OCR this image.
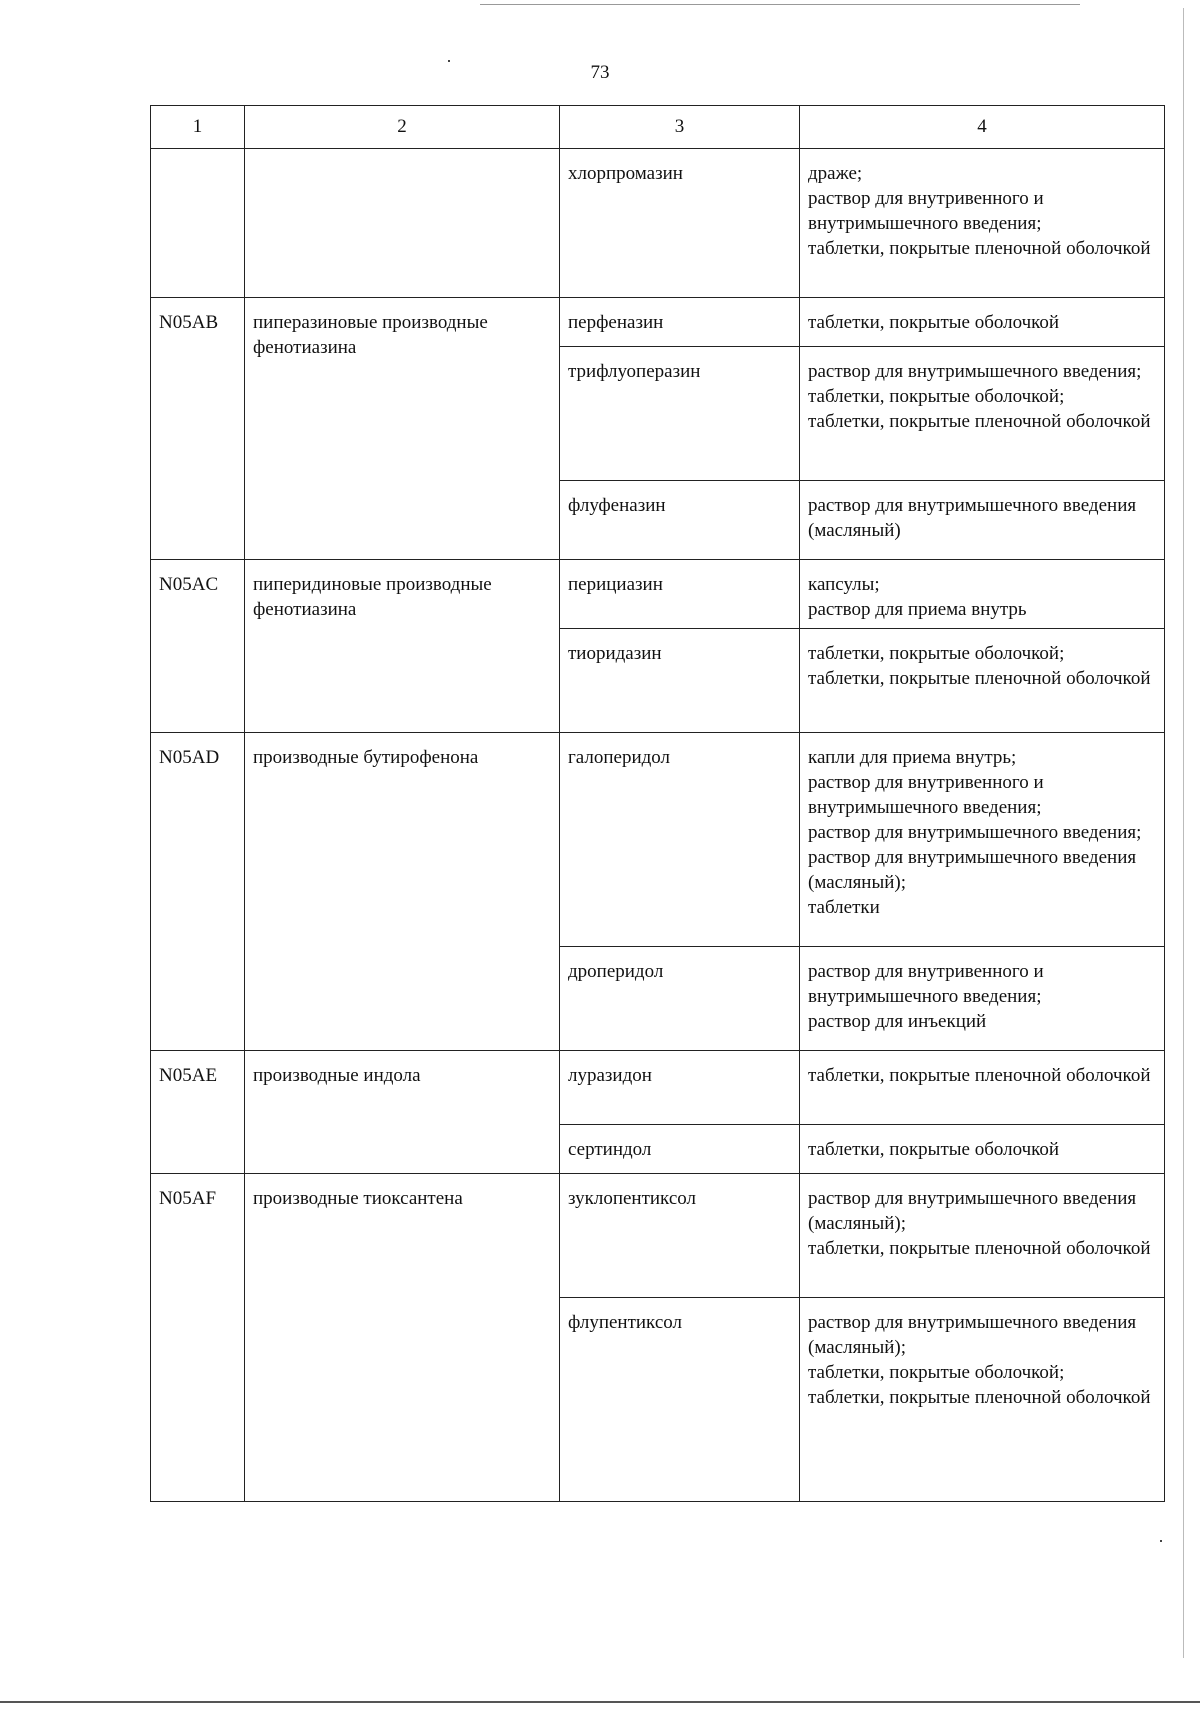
73
1	2	3	4
		хлорпромазин	драже;
раствор для внутривенного и внутримышечного введения;
таблетки, покрытые пленочной оболочкой

N05AB	пиперазиновые производные фенотиазина	перфеназин	таблетки, покрытые оболочкой

		трифлуоперазин	раствор для внутримышечного введения;
таблетки, покрытые оболочкой;
таблетки, покрытые пленочной оболочкой

		флуфеназин	раствор для внутримышечного введения (масляный)

N05AC	пиперидиновые производные фенотиазина	перициазин	капсулы;
раствор для приема внутрь

		тиоридазин	таблетки, покрытые оболочкой;
таблетки, покрытые пленочной оболочкой

N05AD	производные бутирофенона	галоперидол	капли для приема внутрь;
раствор для внутривенного и внутримышечного введения;
раствор для внутримышечного введения;
раствор для внутримышечного введения (масляный);
таблетки

		дроперидол	раствор для внутривенного и внутримышечного введения;
раствор для инъекций

N05AE	производные индола	луразидон	таблетки, покрытые пленочной оболочкой

		сертиндол	таблетки, покрытые оболочкой

N05AF	производные тиоксантена	зуклопентиксол	раствор для внутримышечного введения (масляный);
таблетки, покрытые пленочной оболочкой

		флупентиксол	раствор для внутримышечного введения (масляный);
таблетки, покрытые оболочкой;
таблетки, покрытые пленочной оболочкой
